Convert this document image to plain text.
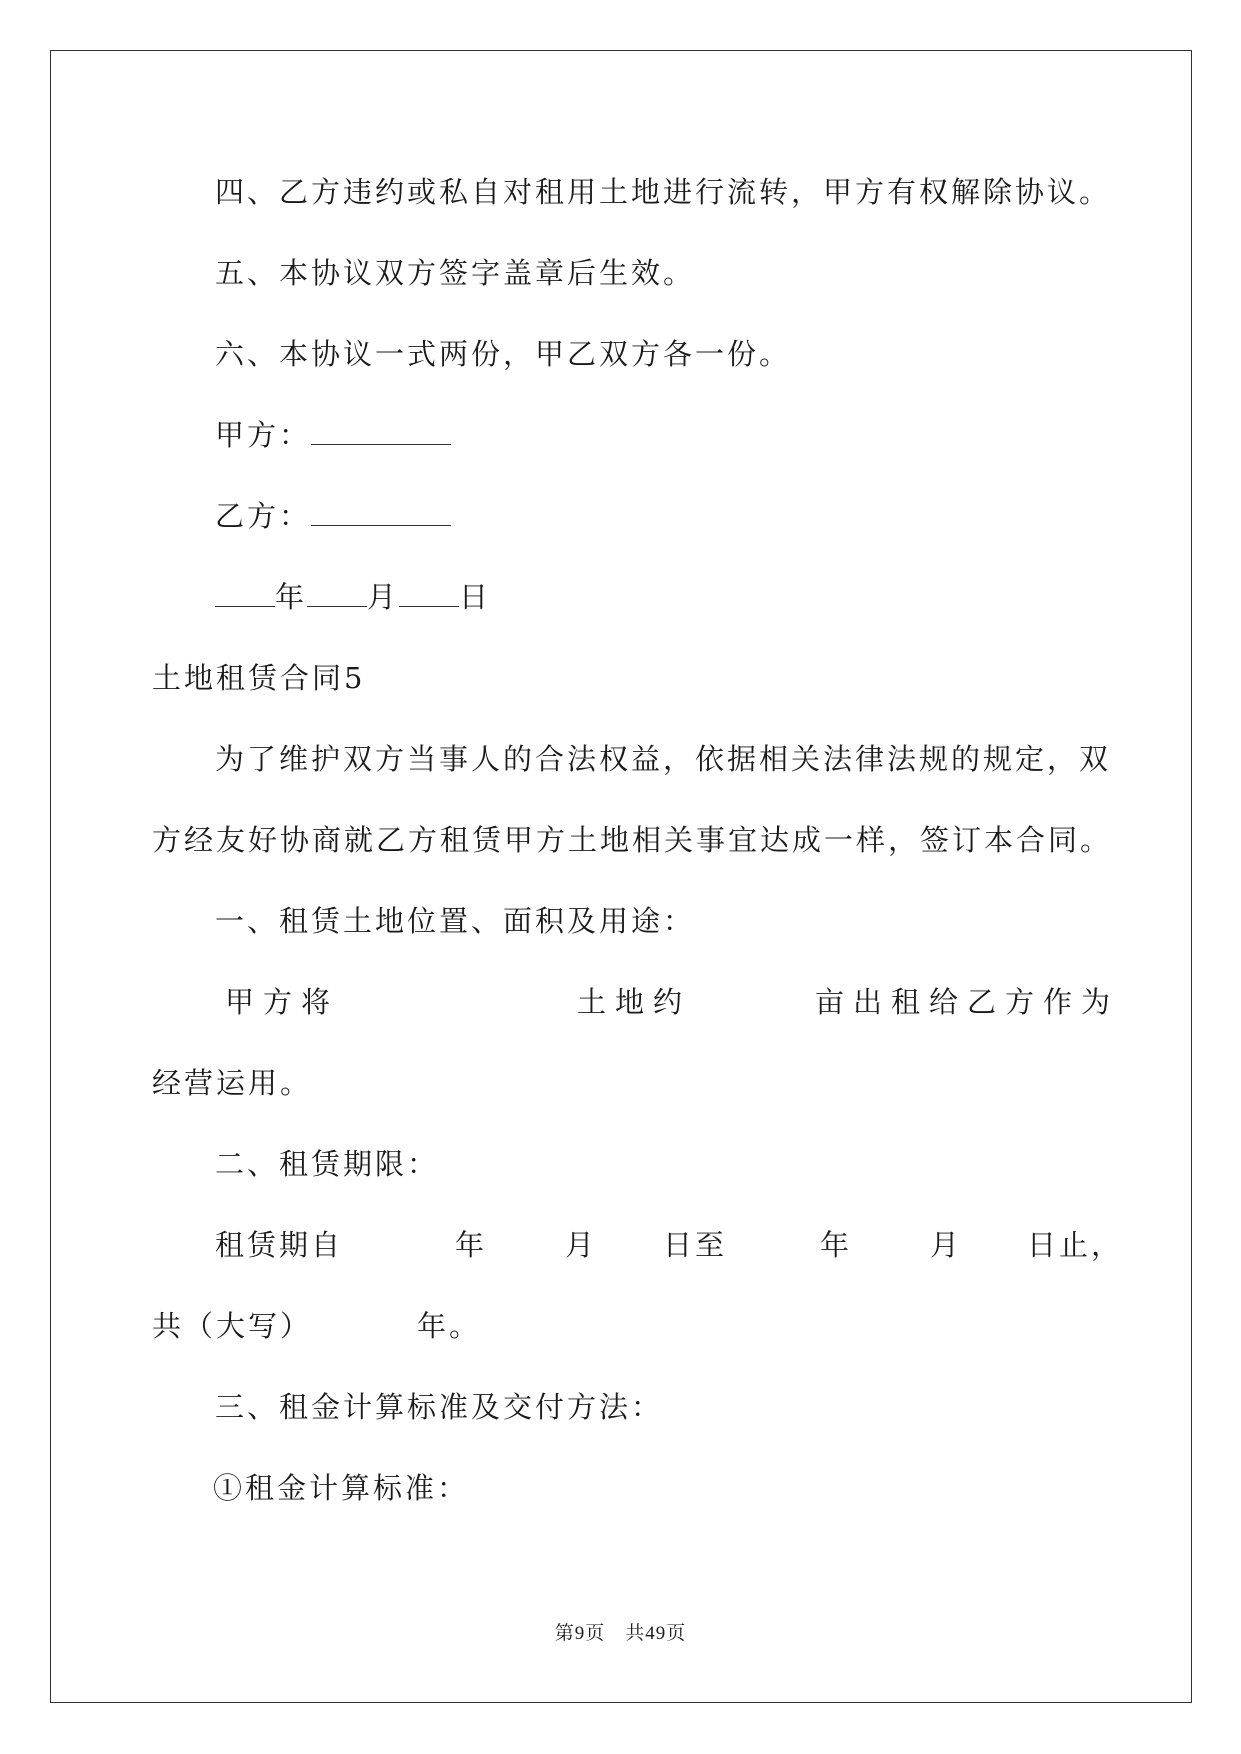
四、乙方违约或私自对租用土地进行流转，甲方有权解除协议。
五、本协议双方签字盖章后生效。
六、本协议一式两份，甲乙双方各一份。
甲方：
乙方：
年 月 日
土地租赁合同5
为了维护双方当事人的合法权益，依据相关法律法规的规定，双
方经友好协商就乙方租赁甲方土地相关事宜达成一样，签订本合同。
一、租赁土地位置、面积及用途：
甲方将	土地约	亩出租给乙方作为
经营运用。
二、租赁期限：
租赁期自	年	月 日至	年	月 日止，
共（大写）	年。
三、租金计算标准及交付方法：
①租金计算标准：
第9页　共49页
